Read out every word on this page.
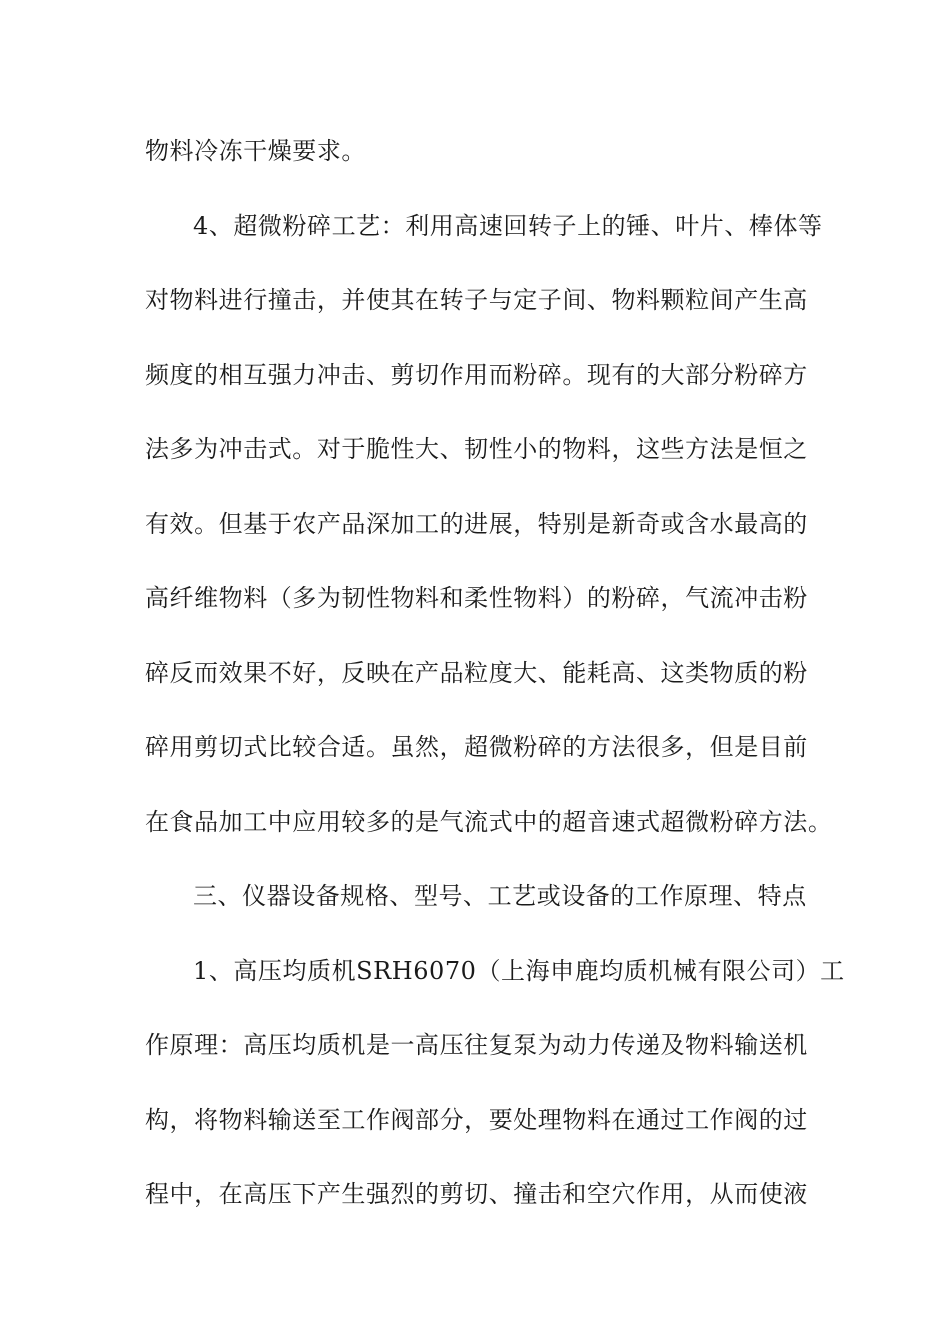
物料冷冻干燥要求。
4、超微粉碎工艺：利用高速回转子上的锤、叶片、棒体等
对物料进行撞击，并使其在转子与定子间、物料颗粒间产生高
频度的相互强力冲击、剪切作用而粉碎。现有的大部分粉碎方
法多为冲击式。对于脆性大、韧性小的物料，这些方法是恒之
有效。但基于农产品深加工的进展，特别是新奇或含水最高的
高纤维物料（多为韧性物料和柔性物料）的粉碎，气流冲击粉
碎反而效果不好，反映在产品粒度大、能耗高、这类物质的粉
碎用剪切式比较合适。虽然，超微粉碎的方法很多，但是目前
在食品加工中应用较多的是气流式中的超音速式超微粉碎方法。
三、仪器设备规格、型号、工艺或设备的工作原理、特点
1、高压均质机SRH6070（上海申鹿均质机械有限公司）工
作原理：高压均质机是一高压往复泵为动力传递及物料输送机
构，将物料输送至工作阀部分，要处理物料在通过工作阀的过
程中，在高压下产生强烈的剪切、撞击和空穴作用，从而使液
